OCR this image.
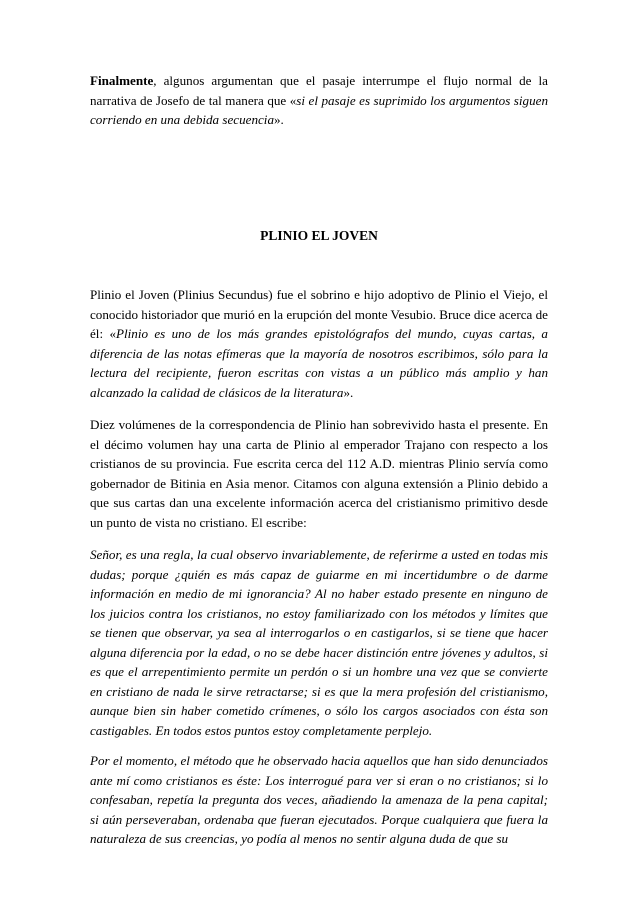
Finalmente, algunos argumentan que el pasaje interrumpe el flujo normal de la narrativa de Josefo de tal manera que «si el pasaje es suprimido los argumentos siguen corriendo en una debida secuencia».

PLINIO EL JOVEN

Plinio el Joven (Plinius Secundus) fue el sobrino e hijo adoptivo de Plinio el Viejo, el conocido historiador que murió en la erupción del monte Vesubio. Bruce dice acerca de él: «Plinio es uno de los más grandes epistológrafos del mundo, cuyas cartas, a diferencia de las notas efímeras que la mayoría de nosotros escribimos, sólo para la lectura del recipiente, fueron escritas con vistas a un público más amplio y han alcanzado la calidad de clásicos de la literatura».

Diez volúmenes de la correspondencia de Plinio han sobrevivido hasta el presente. En el décimo volumen hay una carta de Plinio al emperador Trajano con respecto a los cristianos de su provincia. Fue escrita cerca del 112 A.D. mientras Plinio servía como gobernador de Bitinia en Asia menor. Citamos con alguna extensión a Plinio debido a que sus cartas dan una excelente información acerca del cristianismo primitivo desde un punto de vista no cristiano. El escribe:

Señor, es una regla, la cual observo invariablemente, de referirme a usted en todas mis dudas; porque ¿quién es más capaz de guiarme en mi incertidumbre o de darme información en medio de mi ignorancia? Al no haber estado presente en ninguno de los juicios contra los cristianos, no estoy familiarizado con los métodos y límites que se tienen que observar, ya sea al interrogarlos o en castigarlos, si se tiene que hacer alguna diferencia por la edad, o no se debe hacer distinción entre jóvenes y adultos, si es que el arrepentimiento permite un perdón o si un hombre una vez que se convierte en cristiano de nada le sirve retractarse; si es que la mera profesión del cristianismo, aunque bien sin haber cometido crímenes, o sólo los cargos asociados con ésta son castigables. En todos estos puntos estoy completamente perplejo.

Por el momento, el método que he observado hacia aquellos que han sido denunciados ante mí como cristianos es éste: Los interrogué para ver si eran o no cristianos; si lo confesaban, repetía la pregunta dos veces, añadiendo la amenaza de la pena capital; si aún perseveraban, ordenaba que fueran ejecutados. Porque cualquiera que fuera la naturaleza de sus creencias, yo podía al menos no sentir alguna duda de que su
